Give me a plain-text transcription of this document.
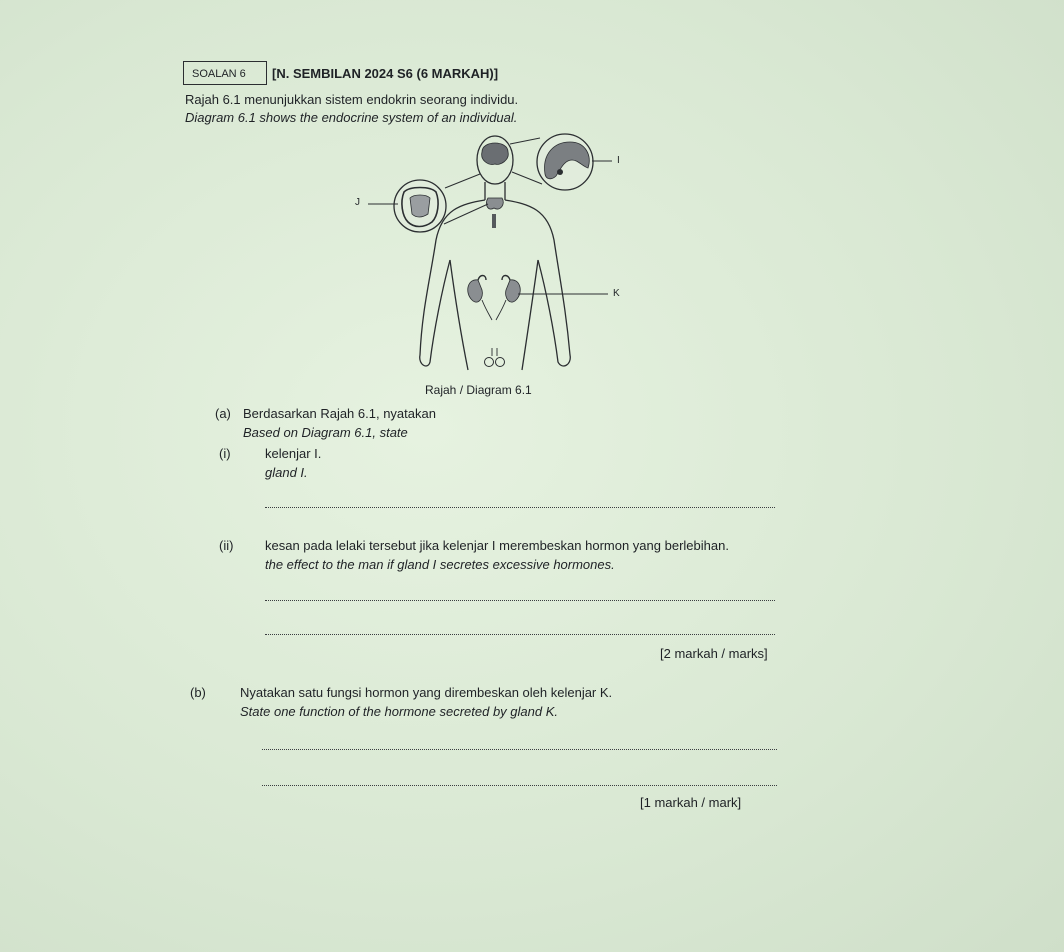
SOALAN 6	[N. SEMBILAN 2024 S6 (6 MARKAH)]
Rajah 6.1 menunjukkan sistem endokrin seorang individu.
Diagram 6.1 shows the endocrine system of an individual.
I
J
K
Rajah / Diagram 6.1
(a) Berdasarkan Rajah 6.1, nyatakan
Based on Diagram 6.1, state
(i)	kelenjar I.
gland I.
(ii) kesan pada lelaki tersebut jika kelenjar I merembeskan hormon yang berlebihan.
the effect to the man if gland I secretes excessive hormones.
[2 markah / marks]
(b)	Nyatakan satu fungsi hormon yang dirembeskan oleh kelenjar K.
State one function of the hormone secreted by gland K.
[1 markah / mark]
